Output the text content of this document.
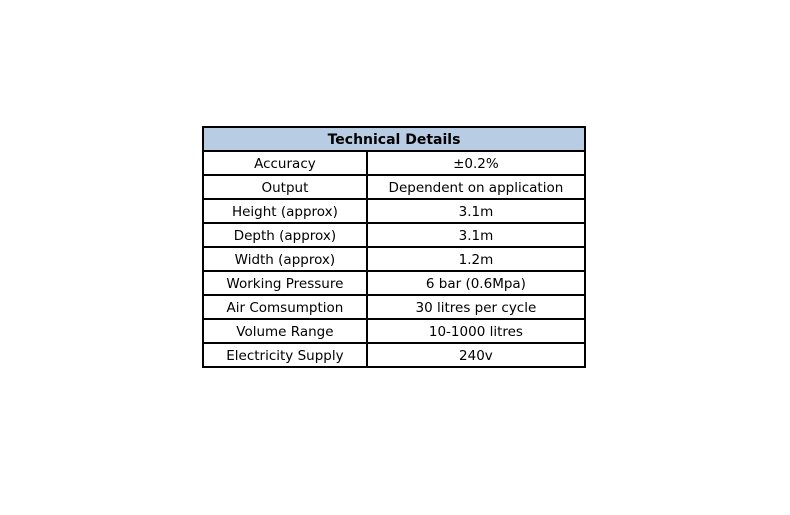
Technical Details	
Accuracy	±0.2%
Output	Dependent on application
Height (approx)	3.1m
Depth (approx)	3.1m
Width (approx)	1.2m
Working Pressure	6 bar (0.6Mpa)
Air Comsumption	30 litres per cycle
Volume Range	10-1000 litres
Electricity Supply	240v
